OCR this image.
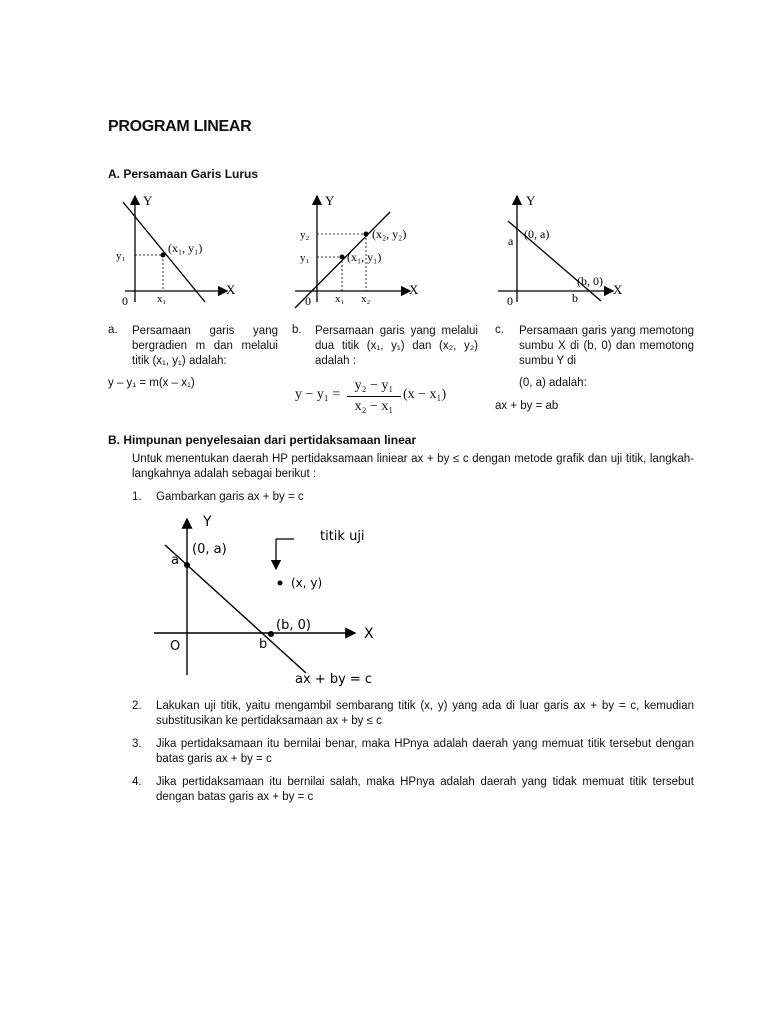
PROGRAM LINEAR
A. Persamaan Garis Lurus
Y
X
0
(x₁, y₁)
y₁
x₁
Y
X
0
(x₁, y₁)
(x₂, y₂)
y₁
y₂
x₁ x₂
Y
X
0
(0, a)
(b, 0)
a
b
a. Persamaan garis yang bergradien m dan melalui titik (x₁, y₁) adalah:
y – y₁ = m(x – x₁)
b. Persamaan garis yang melalui dua titik (x₁, y₁) dan (x₂, y₂) adalah :
y − y₁ =
y₂ − y₁
x₂ − x₁
(x − x₁)
c. Persamaan garis yang memotong sumbu X di (b, 0) dan memotong sumbu Y di
(0, a) adalah:
ax + by = ab
B. Himpunan penyelesaian dari pertidaksamaan linear
Untuk menentukan daerah HP pertidaksamaan liniear ax + by ≤ c dengan metode grafik dan uji titik, langkah-langkahnya adalah sebagai berikut :
1. Gambarkan garis ax + by = c
Y
X
O
(0, a)
a
(b, 0)
b
titik uji
(x, y)
ax + by = c
2. Lakukan uji titik, yaitu mengambil sembarang titik (x, y) yang ada di luar garis ax + by = c, kemudian substitusikan ke pertidaksamaan ax + by ≤ c
3. Jika pertidaksamaan itu bernilai benar, maka HPnya adalah daerah yang memuat titik tersebut dengan batas garis ax + by = c
4. Jika pertidaksamaan itu bernilai salah, maka HPnya adalah daerah yang tidak memuat titik tersebut dengan batas garis ax + by = c
